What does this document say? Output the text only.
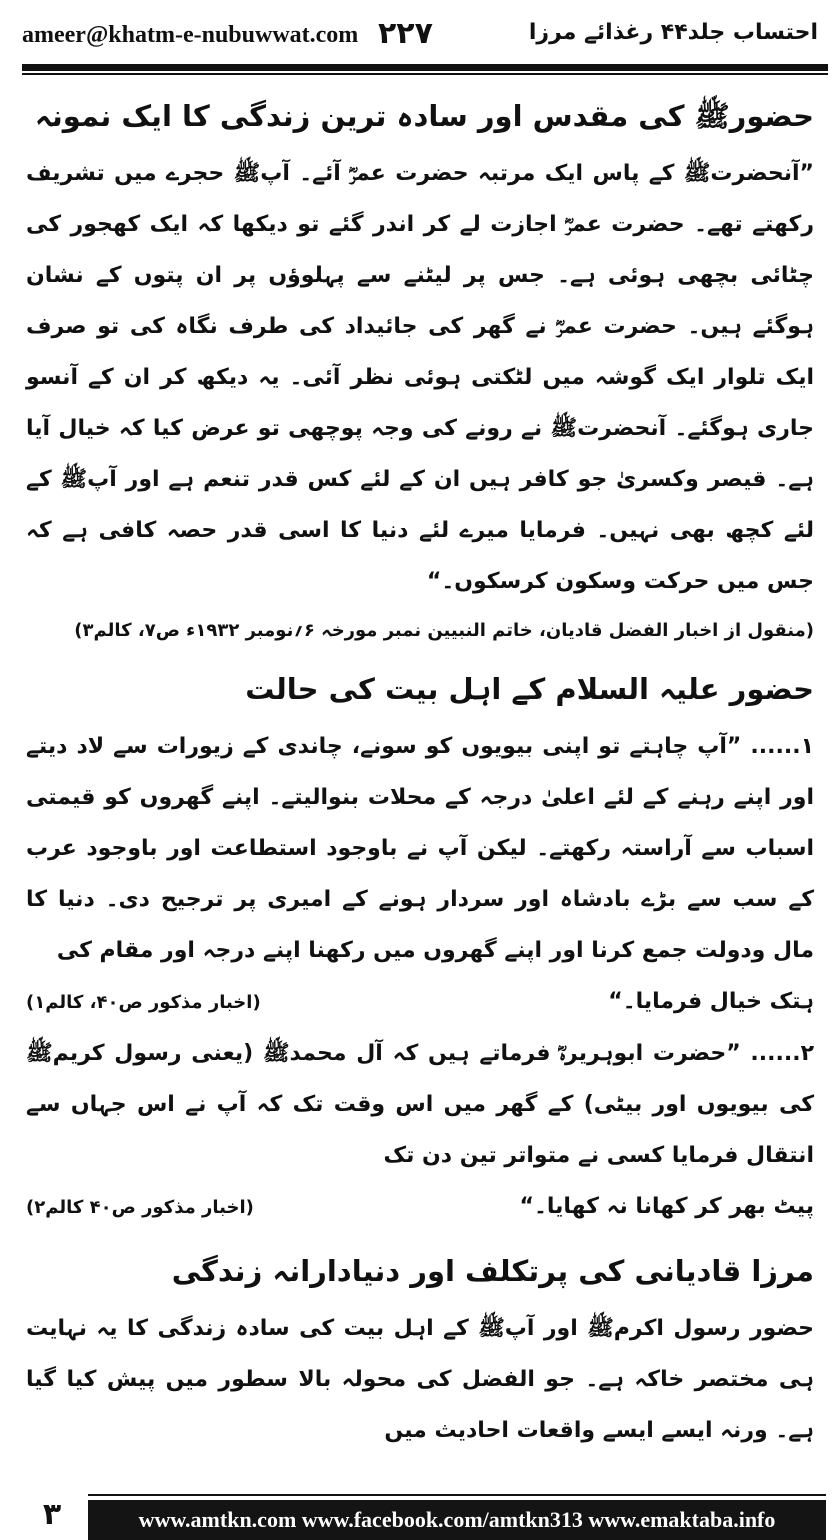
ameer@khatm-e-nubuwwat.com ۲۲۷	احتساب جلد۴۴ رغذائے مرزا
حضورﷺ کی مقدس اور سادہ ترین زندگی کا ایک نمونہ

”آنحضرتﷺ کے پاس ایک مرتبہ حضرت عمرؓ آئے۔ آپﷺ حجرے میں تشریف رکھتے تھے۔ حضرت عمرؓ اجازت لے کر اندر گئے تو دیکھا کہ ایک کھجور کی چٹائی بچھی ہوئی ہے۔ جس پر لیٹنے سے پہلوؤں پر ان پتوں کے نشان ہوگئے ہیں۔ حضرت عمرؓ نے گھر کی جائیداد کی طرف نگاہ کی تو صرف ایک تلوار ایک گوشہ میں لٹکتی ہوئی نظر آئی۔ یہ دیکھ کر ان کے آنسو جاری ہوگئے۔ آنحضرتﷺ نے رونے کی وجہ پوچھی تو عرض کیا کہ خیال آیا ہے۔ قیصر وکسریٰ جو کافر ہیں ان کے لئے کس قدر تنعم ہے اور آپﷺ کے لئے کچھ بھی نہیں۔ فرمایا میرے لئے دنیا کا اسی قدر حصہ کافی ہے کہ جس میں حرکت وسکون کرسکوں۔“

(منقول از اخبار الفضل قادیان، خاتم النبیین نمبر مورخہ ۶؍نومبر ۱۹۳۲ء ص۷، کالم۳)
حضور علیہ السلام کے اہل بیت کی حالت

۱...... ”آپ چاہتے تو اپنی بیویوں کو سونے، چاندی کے زیورات سے لاد دیتے اور اپنے رہنے کے لئے اعلیٰ درجہ کے محلات بنوالیتے۔ اپنے گھروں کو قیمتی اسباب سے آراستہ رکھتے۔ لیکن آپ نے باوجود استطاعت اور باوجود عرب کے سب سے بڑے بادشاہ اور سردار ہونے کے امیری پر ترجیح دی۔ دنیا کا مال ودولت جمع کرنا اور اپنے گھروں میں رکھنا اپنے درجہ اور مقام کی

ہتک خیال فرمایا۔“
(اخبار مذکور ص۴۰، کالم۱)

۲...... ”حضرت ابوہریرہؓ فرماتے ہیں کہ آل محمدﷺ (یعنی رسول کریمﷺ کی بیویوں اور بیٹی) کے گھر میں اس وقت تک کہ آپ نے اس جہاں سے انتقال فرمایا کسی نے متواتر تین دن تک

پیٹ بھر کر کھانا نہ کھایا۔“
(اخبار مذکور ص۴۰ کالم۲)
مرزا قادیانی کی پرتکلف اور دنیادارانہ زندگی

حضور رسول اکرمﷺ اور آپﷺ کے اہل بیت کی سادہ زندگی کا یہ نہایت ہی مختصر خاکہ ہے۔ جو الفضل کی محولہ بالا سطور میں پیش کیا گیا ہے۔ ورنہ ایسے ایسے واقعات احادیث میں

۳	www.amtkn.com www.facebook.com/amtkn313 www.emaktaba.info
